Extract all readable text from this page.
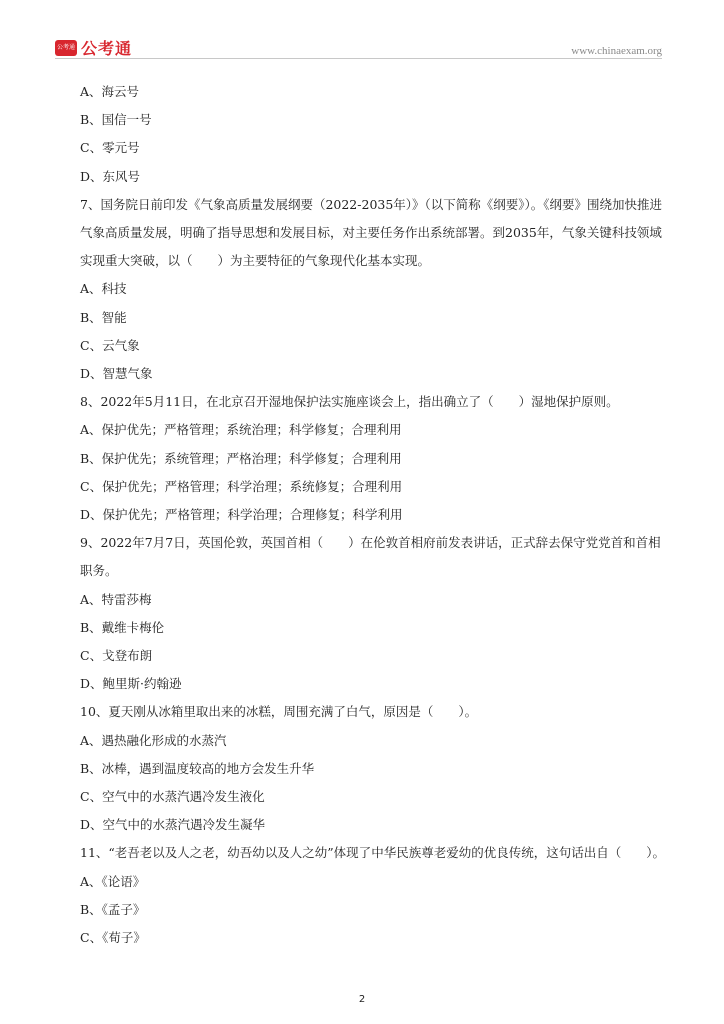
公考通 公考通	www.chinaexam.org

A、海云号

B、国信一号

C、零元号

D、东风号

7、国务院日前印发《气象高质量发展纲要（2022-2035年）》（以下简称《纲要》）。《纲要》围绕加快推进气象高质量发展，明确了指导思想和发展目标，对主要任务作出系统部署。到2035年，气象关键科技领域实现重大突破，以（　　）为主要特征的气象现代化基本实现。

A、科技

B、智能

C、云气象

D、智慧气象

8、2022年5月11日，在北京召开湿地保护法实施座谈会上，指出确立了（　　）湿地保护原则。

A、保护优先；严格管理；系统治理；科学修复；合理利用

B、保护优先；系统管理；严格治理；科学修复；合理利用

C、保护优先；严格管理；科学治理；系统修复；合理利用

D、保护优先；严格管理；科学治理；合理修复；科学利用

9、2022年7月7日，英国伦敦，英国首相（　　）在伦敦首相府前发表讲话，正式辞去保守党党首和首相职务。

A、特雷莎梅

B、戴维卡梅伦

C、戈登布朗

D、鲍里斯·约翰逊

10、夏天刚从冰箱里取出来的冰糕，周围充满了白气，原因是（　　）。

A、遇热融化形成的水蒸汽

B、冰棒，遇到温度较高的地方会发生升华

C、空气中的水蒸汽遇冷发生液化

D、空气中的水蒸汽遇冷发生凝华

11、“老吾老以及人之老，幼吾幼以及人之幼”体现了中华民族尊老爱幼的优良传统，这句话出自（　　）。

A、《论语》

B、《孟子》

C、《荀子》

2
